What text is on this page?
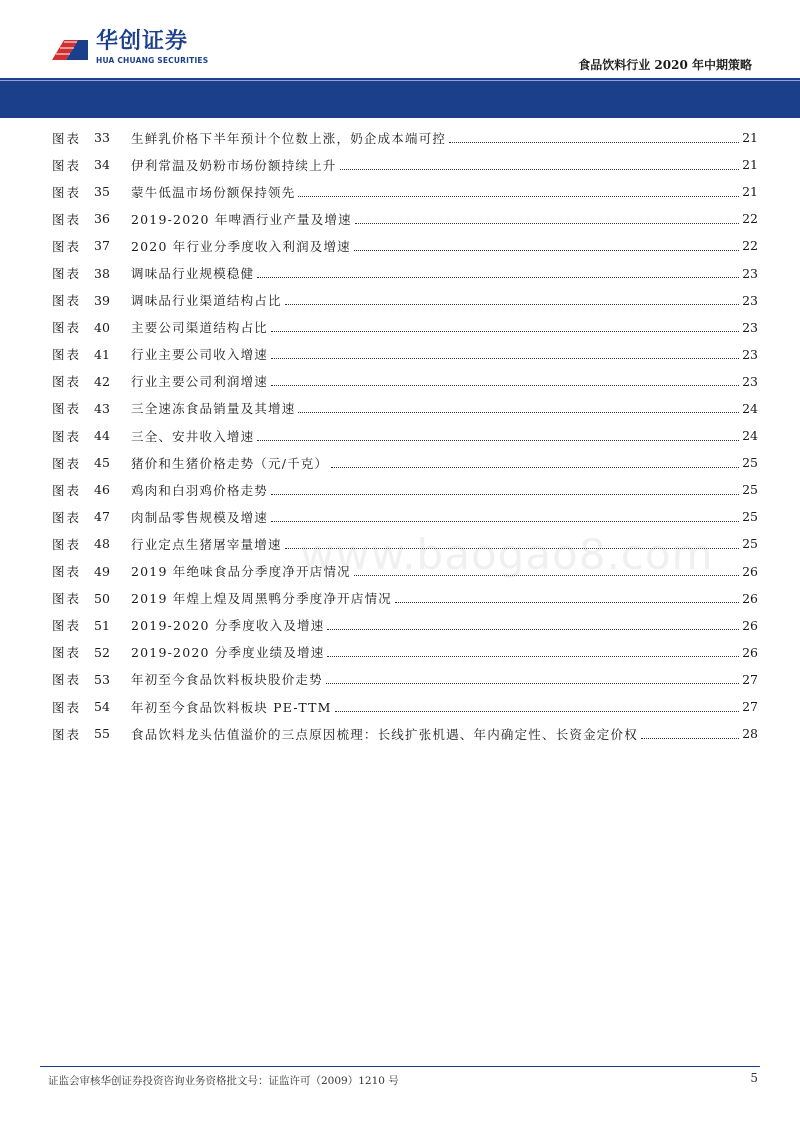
华创证券
HUA CHUANG SECURITIES	食品饮料行业 2020 年中期策略
图表	33	生鲜乳价格下半年预计个位数上涨，奶企成本端可控	21
图表	34	伊利常温及奶粉市场份额持续上升	21
图表	35	蒙牛低温市场份额保持领先	21
图表	36	2019-2020 年啤酒行业产量及增速	22
图表	37	2020 年行业分季度收入利润及增速	22
图表	38	调味品行业规模稳健	23
图表	39	调味品行业渠道结构占比	23
图表	40	主要公司渠道结构占比	23
图表	41	行业主要公司收入增速	23
图表	42	行业主要公司利润增速	23
图表	43	三全速冻食品销量及其增速	24
图表	44	三全、安井收入增速	24
图表	45	猪价和生猪价格走势（元/千克）	25
图表	46	鸡肉和白羽鸡价格走势	25
图表	47	肉制品零售规模及增速	25
图表	48	行业定点生猪屠宰量增速	25
图表	49	2019 年绝味食品分季度净开店情况	26
图表	50	2019 年煌上煌及周黑鸭分季度净开店情况	26
图表	51	2019-2020 分季度收入及增速	26
图表	52	2019-2020 分季度业绩及增速	26
图表	53	年初至今食品饮料板块股价走势	27
图表	54	年初至今食品饮料板块 PE-TTM	27
图表	55	食品饮料龙头估值溢价的三点原因梳理：长线扩张机遇、年内确定性、长资金定价权	28
www.baogao8.com
证监会审核华创证券投资咨询业务资格批文号：证监许可（2009）1210 号	5
